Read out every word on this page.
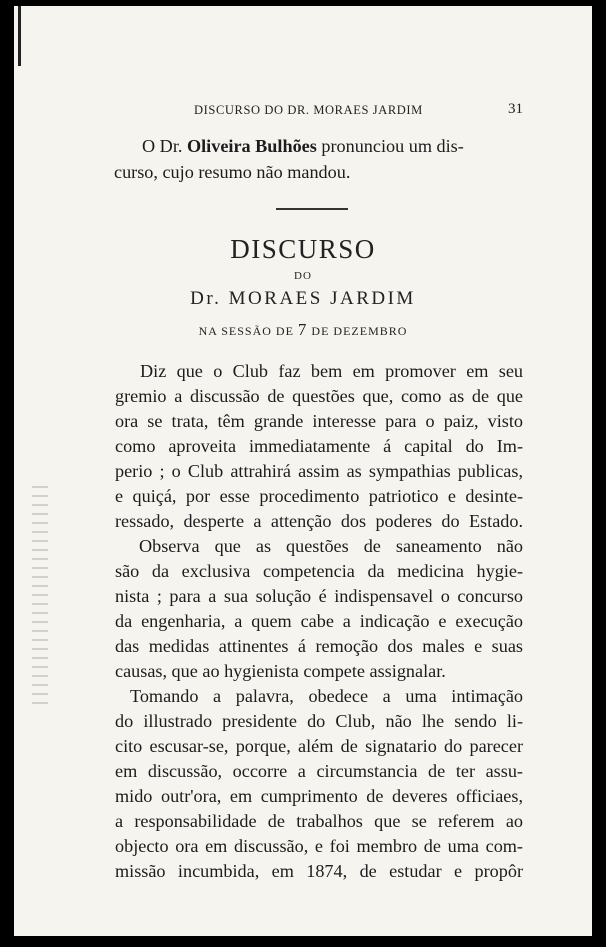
DISCURSO DO DR. MORAES JARDIM	31
O Dr. Oliveira Bulhões pronunciou um dis-
curso, cujo resumo não mandou.
DISCURSO
DO
Dr. MORAES JARDIM
NA SESSÃO DE 7 DE DEZEMBRO
Diz que o Club faz bem em promover em seu
gremio a discussão de questões que, como as de que
ora se trata, têm grande interesse para o paiz, visto
como aproveita immediatamente á capital do Im-
perio ; o Club attrahirá assim as sympathias publicas,
e quiçá, por esse procedimento patriotico e desinte-
ressado, desperte a attenção dos poderes do Estado.
Observa que as questões de saneamento não
são da exclusiva competencia da medicina hygie-
nista ; para a sua solução é indispensavel o concurso
da engenharia, a quem cabe a indicação e execução
das medidas attinentes á remoção dos males e suas
causas, que ao hygienista compete assignalar.
Tomando a palavra, obedece a uma intimação
do illustrado presidente do Club, não lhe sendo li-
cito escusar-se, porque, além de signatario do parecer
em discussão, occorre a circumstancia de ter assu-
mido outr'ora, em cumprimento de deveres officiaes,
a responsabilidade de trabalhos que se referem ao
objecto ora em discussão, e foi membro de uma com-
missão incumbida, em 1874, de estudar e propôr
